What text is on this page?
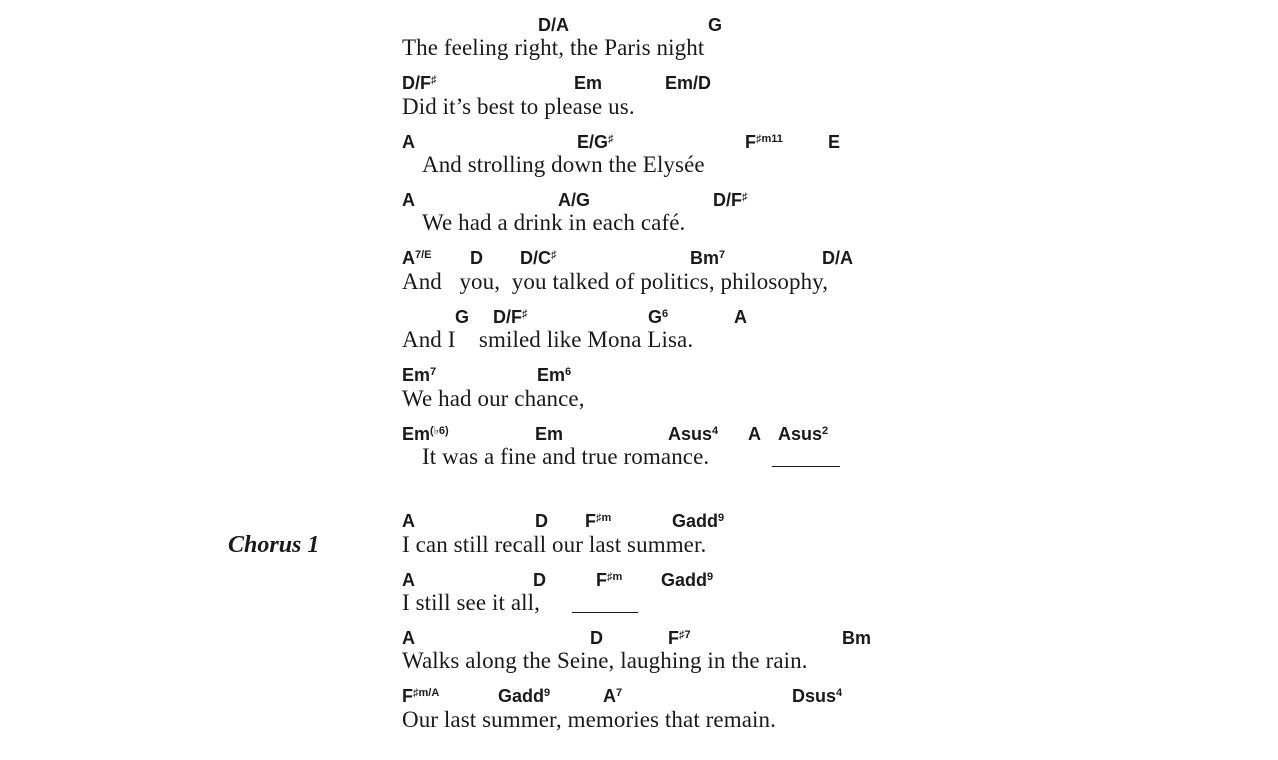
Chorus 1
D/A	G
The feeling right, the Paris night
D/F♯	Em	Em/D
Did it’s best to please us.
A	E/G♯	$F^{♯m11}$	E
And strolling down the Elysée
A	A/G	D/F♯
We had a drink in each café.
$A^{7/E}$ D D/C♯	Bm$^7$	D/A
And   you,  you talked of politics, philosophy,
G D/F♯	$G^6$	A
And I    smiled like Mona Lisa.
Em$^7$	Em$^6$
We had our chance,
$Em^{(♭6)}$	Em	Asus$^4$ A Asus$^2$
It was a fine and true romance.
A	D $F^{♯m}$	Gadd$^9$
I can still recall our last summer.
A	D	$F^{♯m}$ Gadd$^9$
I still see it all,
A	D	$F^{♯7}$	Bm
Walks along the Seine, laughing in the rain.
$F^{♯m/A}$	Gadd$^9$	$A^7$	Dsus$^4$
Our last summer, memories that remain.
